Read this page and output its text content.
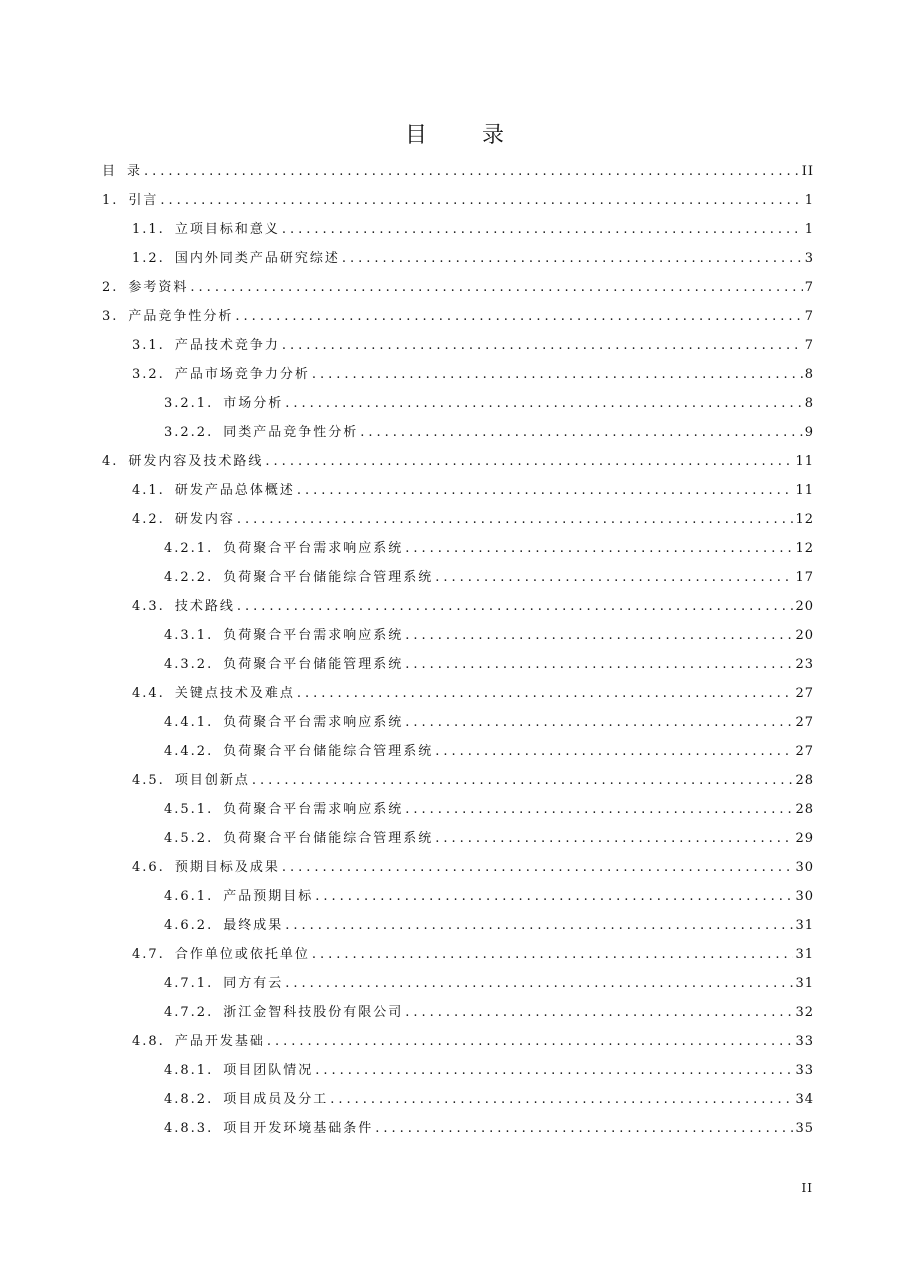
目 录
目 录 .....	II
1. 引言 .....	1
1.1. 立项目标和意义 .....	1
1.2. 国内外同类产品研究综述 .....	3
2. 参考资料 .....	7
3. 产品竞争性分析 .....	7
3.1. 产品技术竞争力 .....	7
3.2. 产品市场竞争力分析 .....	8
3.2.1. 市场分析 .....	8
3.2.2. 同类产品竞争性分析 .....	9
4. 研发内容及技术路线 .....	11
4.1. 研发产品总体概述 .....	11
4.2. 研发内容 .....	12
4.2.1. 负荷聚合平台需求响应系统 .....	12
4.2.2. 负荷聚合平台储能综合管理系统 .....	17
4.3. 技术路线 .....	20
4.3.1. 负荷聚合平台需求响应系统 .....	20
4.3.2. 负荷聚合平台储能管理系统 .....	23
4.4. 关键点技术及难点 .....	27
4.4.1. 负荷聚合平台需求响应系统 .....	27
4.4.2. 负荷聚合平台储能综合管理系统 .....	27
4.5. 项目创新点 .....	28
4.5.1. 负荷聚合平台需求响应系统 .....	28
4.5.2. 负荷聚合平台储能综合管理系统 .....	29
4.6. 预期目标及成果 .....	30
4.6.1. 产品预期目标 .....	30
4.6.2. 最终成果 .....	31
4.7. 合作单位或依托单位 .....	31
4.7.1. 同方有云 .....	31
4.7.2. 浙江金智科技股份有限公司 .....	32
4.8. 产品开发基础 .....	33
4.8.1. 项目团队情况 .....	33
4.8.2. 项目成员及分工 .....	34
4.8.3. 项目开发环境基础条件 .....	35
II
